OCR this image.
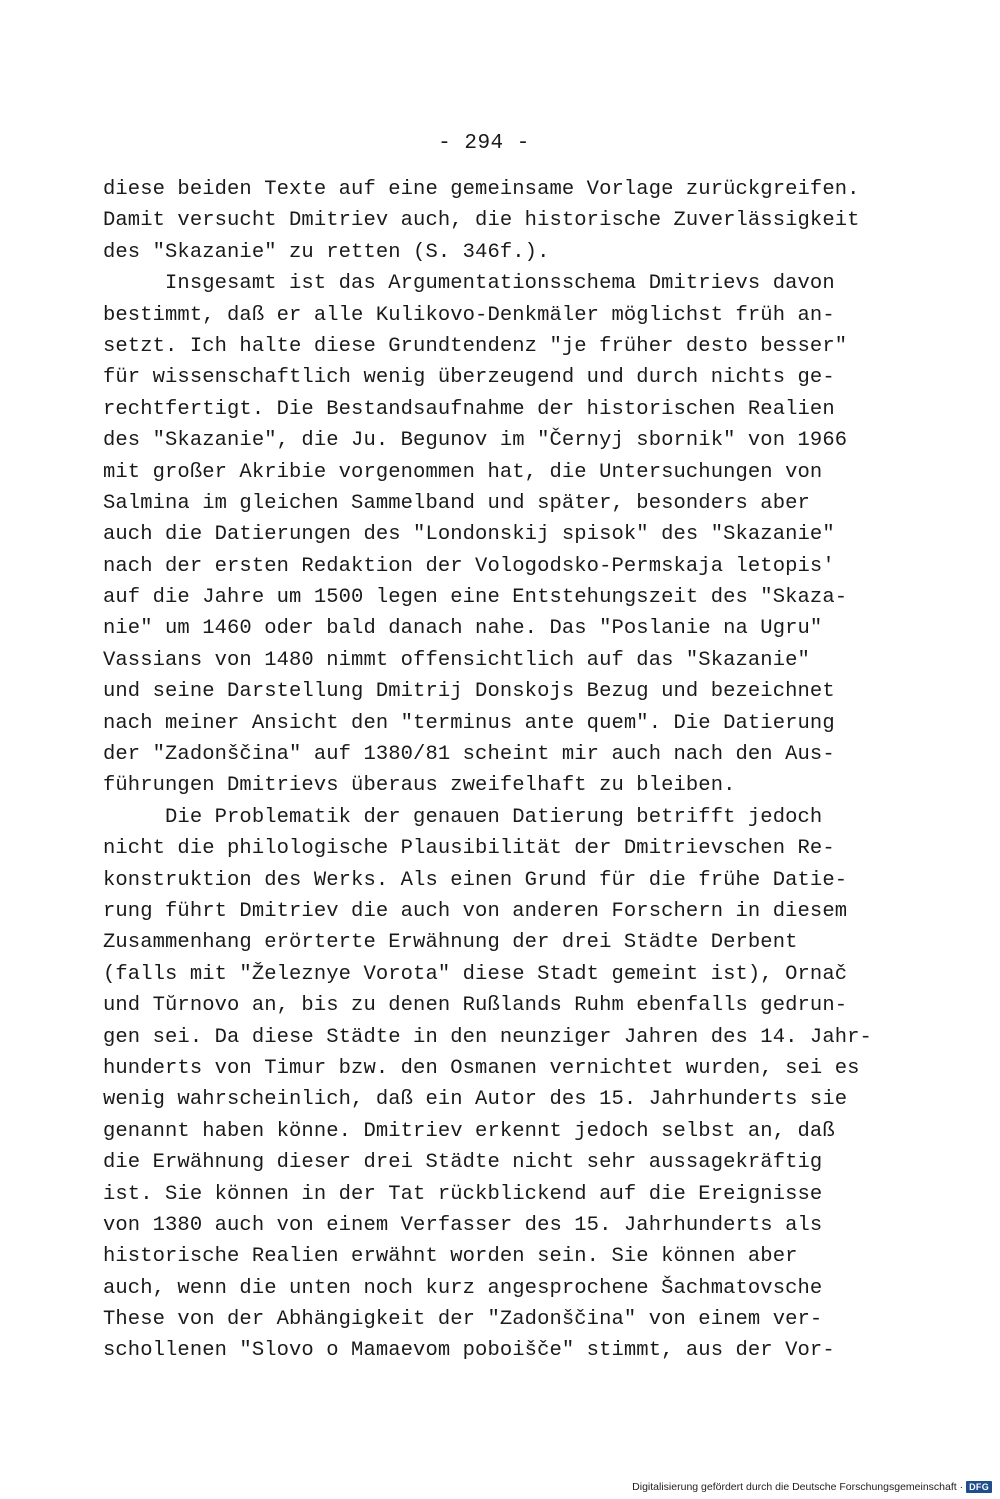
- 294 -
diese beiden Texte auf eine gemeinsame Vorlage zurückgreifen.
Damit versucht Dmitriev auch, die historische Zuverlässigkeit
des "Skazanie" zu retten (S. 346f.).
Insgesamt ist das Argumentationsschema Dmitrievs davon
bestimmt, daß er alle Kulikovo-Denkmäler möglichst früh an-
setzt. Ich halte diese Grundtendenz "je früher desto besser"
für wissenschaftlich wenig überzeugend und durch nichts ge-
rechtfertigt. Die Bestandsaufnahme der historischen Realien
des "Skazanie", die Ju. Begunov im "Černyj sbornik" von 1966
mit großer Akribie vorgenommen hat, die Untersuchungen von
Salmina im gleichen Sammelband und später, besonders aber
auch die Datierungen des "Londonskij spisok" des "Skazanie"
nach der ersten Redaktion der Vologodsko-Permskaja letopis'
auf die Jahre um 1500 legen eine Entstehungszeit des "Skaza-
nie" um 1460 oder bald danach nahe. Das "Poslanie na Ugru"
Vassians von 1480 nimmt offensichtlich auf das "Skazanie"
und seine Darstellung Dmitrij Donskojs Bezug und bezeichnet
nach meiner Ansicht den "terminus ante quem". Die Datierung
der "Zadonščina" auf 1380/81 scheint mir auch nach den Aus-
führungen Dmitrievs überaus zweifelhaft zu bleiben.
Die Problematik der genauen Datierung betrifft jedoch
nicht die philologische Plausibilität der Dmitrievschen Re-
konstruktion des Werks. Als einen Grund für die frühe Datie-
rung führt Dmitriev die auch von anderen Forschern in diesem
Zusammenhang erörterte Erwähnung der drei Städte Derbent
(falls mit "Železnye Vorota" diese Stadt gemeint ist), Ornač
und Tŭrnovo an, bis zu denen Rußlands Ruhm ebenfalls gedrun-
gen sei. Da diese Städte in den neunziger Jahren des 14. Jahr-
hunderts von Timur bzw. den Osmanen vernichtet wurden, sei es
wenig wahrscheinlich, daß ein Autor des 15. Jahrhunderts sie
genannt haben könne. Dmitriev erkennt jedoch selbst an, daß
die Erwähnung dieser drei Städte nicht sehr aussagekräftig
ist. Sie können in der Tat rückblickend auf die Ereignisse
von 1380 auch von einem Verfasser des 15. Jahrhunderts als
historische Realien erwähnt worden sein. Sie können aber
auch, wenn die unten noch kurz angesprochene Šachmatovsche
These von der Abhängigkeit der "Zadonščina" von einem ver-
schollenen "Slovo o Mamaevom poboišče" stimmt, aus der Vor-
Digitalisierung gefördert durch die Deutsche Forschungsgemeinschaft · DFG
